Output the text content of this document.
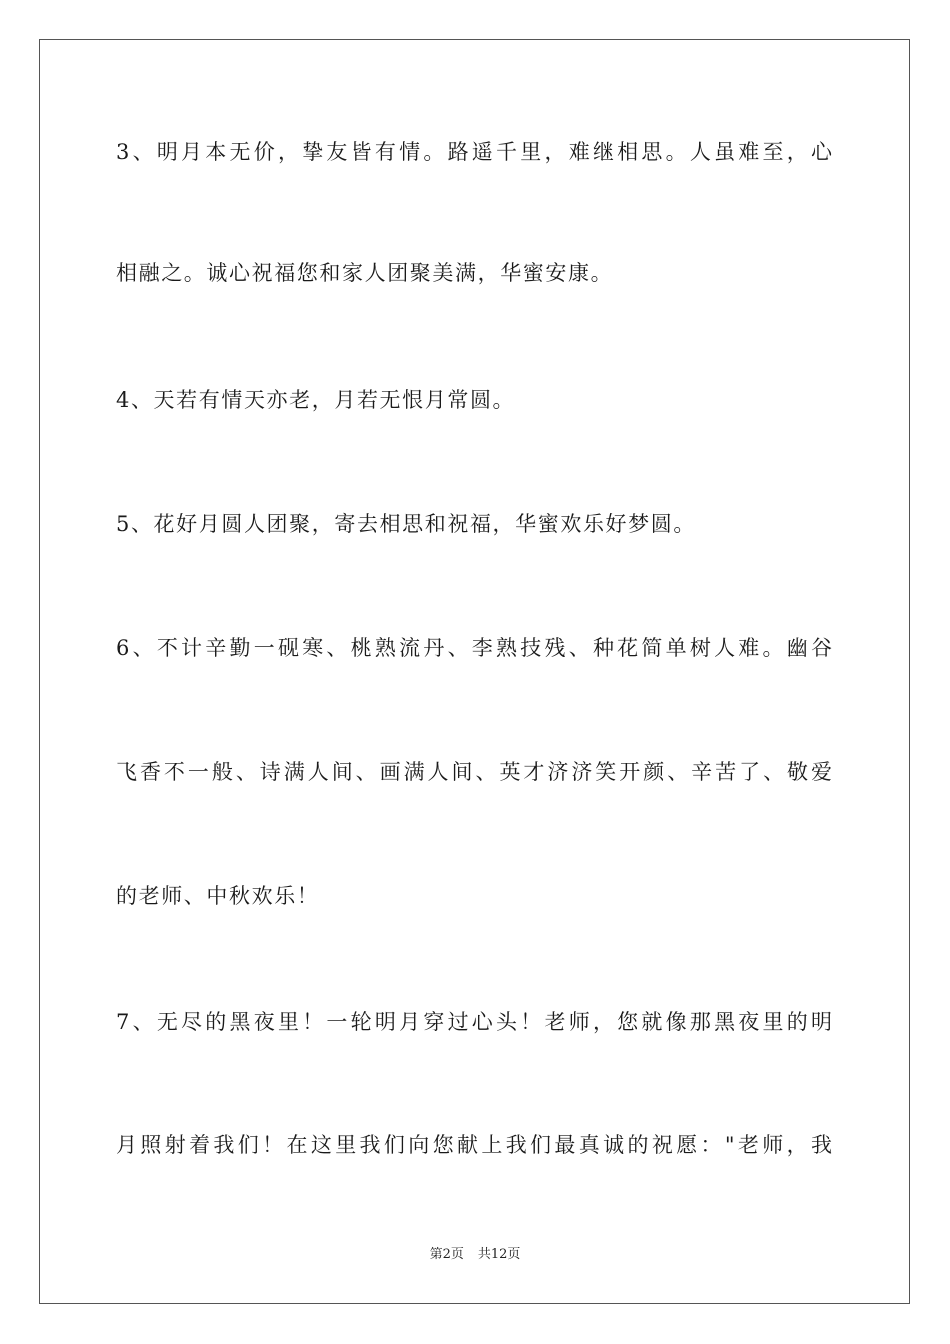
3、明月本无价，挚友皆有情。路遥千里，难继相思。人虽难至，心
相融之。诚心祝福您和家人团聚美满，华蜜安康。
4、天若有情天亦老，月若无恨月常圆。
5、花好月圆人团聚，寄去相思和祝福，华蜜欢乐好梦圆。
6、不计辛勤一砚寒、桃熟流丹、李熟技残、种花简单树人难。幽谷
飞香不一般、诗满人间、画满人间、英才济济笑开颜、辛苦了、敬爱
的老师、中秋欢乐！
7、无尽的黑夜里！一轮明月穿过心头！老师，您就像那黑夜里的明
月照射着我们！在这里我们向您献上我们最真诚的祝愿："老师，我
第2页 共12页
